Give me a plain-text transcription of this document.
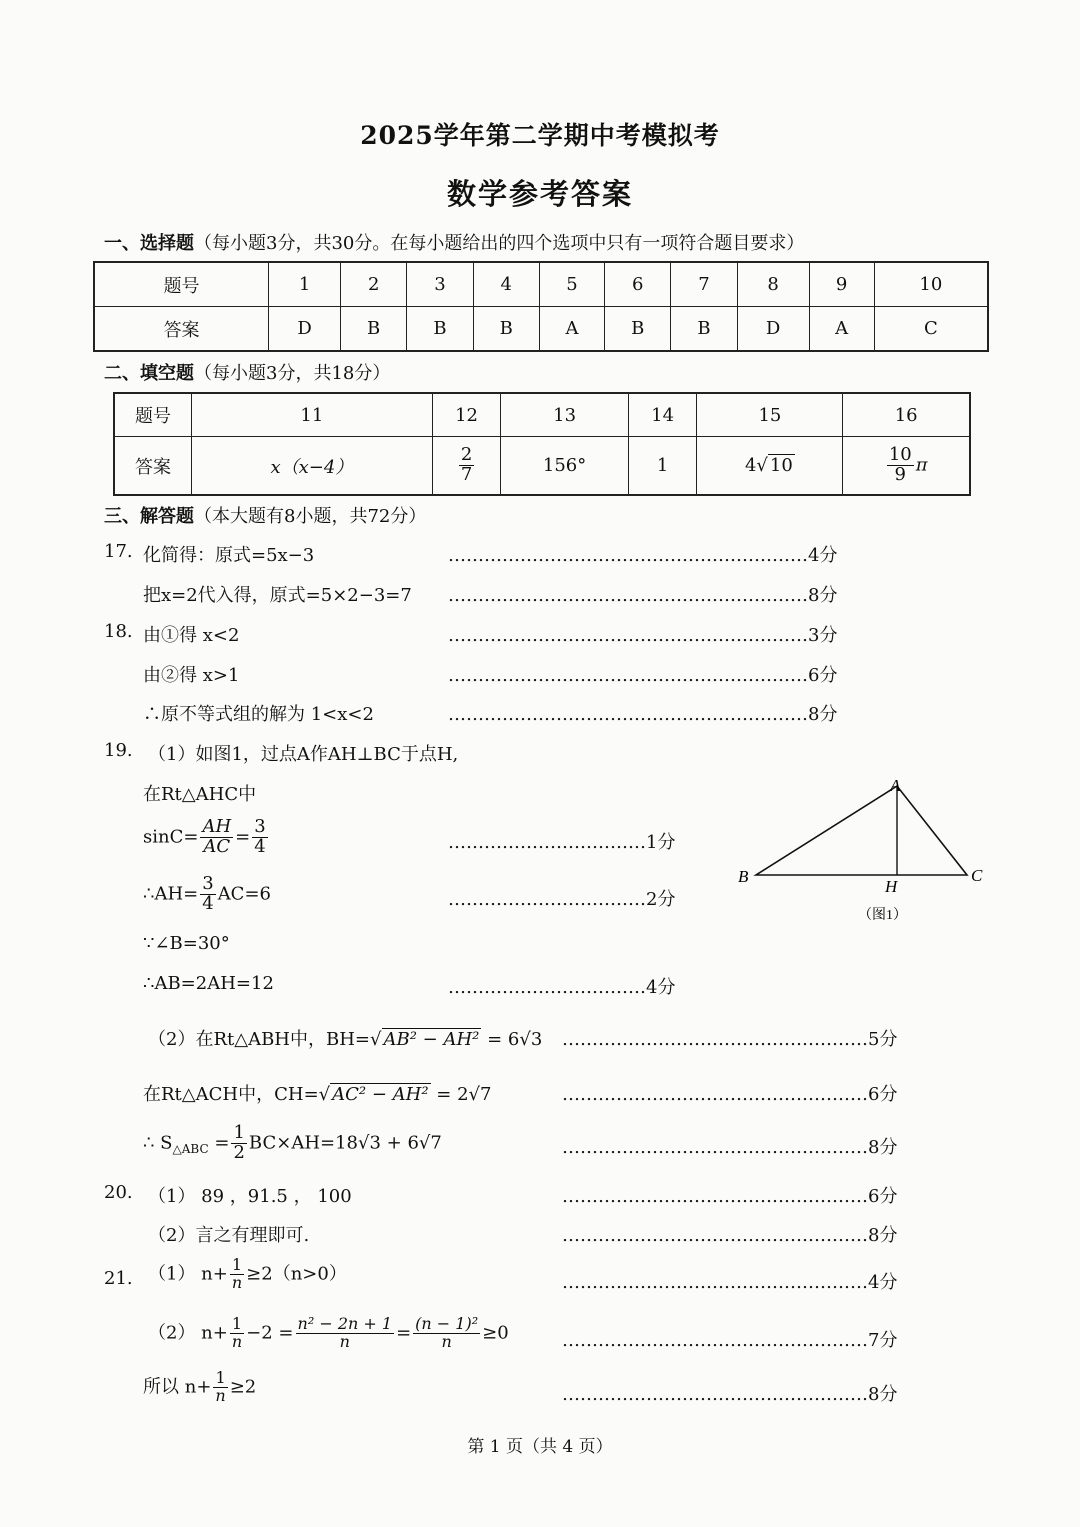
2025学年第二学期中考模拟考
数学参考答案
一、选择题（每小题3分，共30分。在每小题给出的四个选项中只有一项符合题目要求）
题号	1	2	3	4	5	6	7	8	9	10
答案	D	B	B	B	A	B	B	D	A	C
二、填空题（每小题3分，共18分）
题号	11	12	13	14	15	16
答案	x（x−4）	$\frac{2}{7}$	156°	1	4√ 10	$\frac{10}{9}$ π
三、解答题（本大题有8小题，共72分）
17. 化简得：原式=5x−3	……………………………………………………4分
把x=2代入得，原式=5×2−3=7 ……………………………………………………8分
18. 由①得 x<2	……………………………………………………3分
由②得 x>1	……………………………………………………6分
∴原不等式组的解为 1<x<2	……………………………………………………8分
19. （1）如图1，过点A作AH⊥BC于点H,
在Rt△AHC中
$\sin C= \frac{AH}{AC} = \frac{3}{4}$	……………………………1分
∴AH= $\frac{3}{4} AC=6$	……………………………2分
∵∠B=30°
∴AB=2AH=12	……………………………4分
A
B	C
H
（图1）
（2）在Rt△ABH中，BH=√ AB² − AH² = 6√3 ……………………………………………5分
在Rt△ACH中，CH=√ AC² − AH² = 2√7	……………………………………………6分
∴ $S_{\triangle ABC} = \frac{1}{2} BC\times AH=18√3 + 6√7$	……………………………………………8分
20. （1） 89 ，91.5 ， 100	……………………………………………6分
（2）言之有理即可.	……………………………………………8分
21. （1） $n+ \frac{1}{n} \ge 2(n>0)$	……………………………………………4分
（2） $n+ \frac{1}{n} -2 = \frac{\text{n² − 2n + 1}}{n} = \frac{\text{(n − 1)²}}{n} \ge 0$	……………………………………………7分
所以 $n+ \frac{1}{n} \ge 2$	……………………………………………8分
第 1 页（共 4 页）
